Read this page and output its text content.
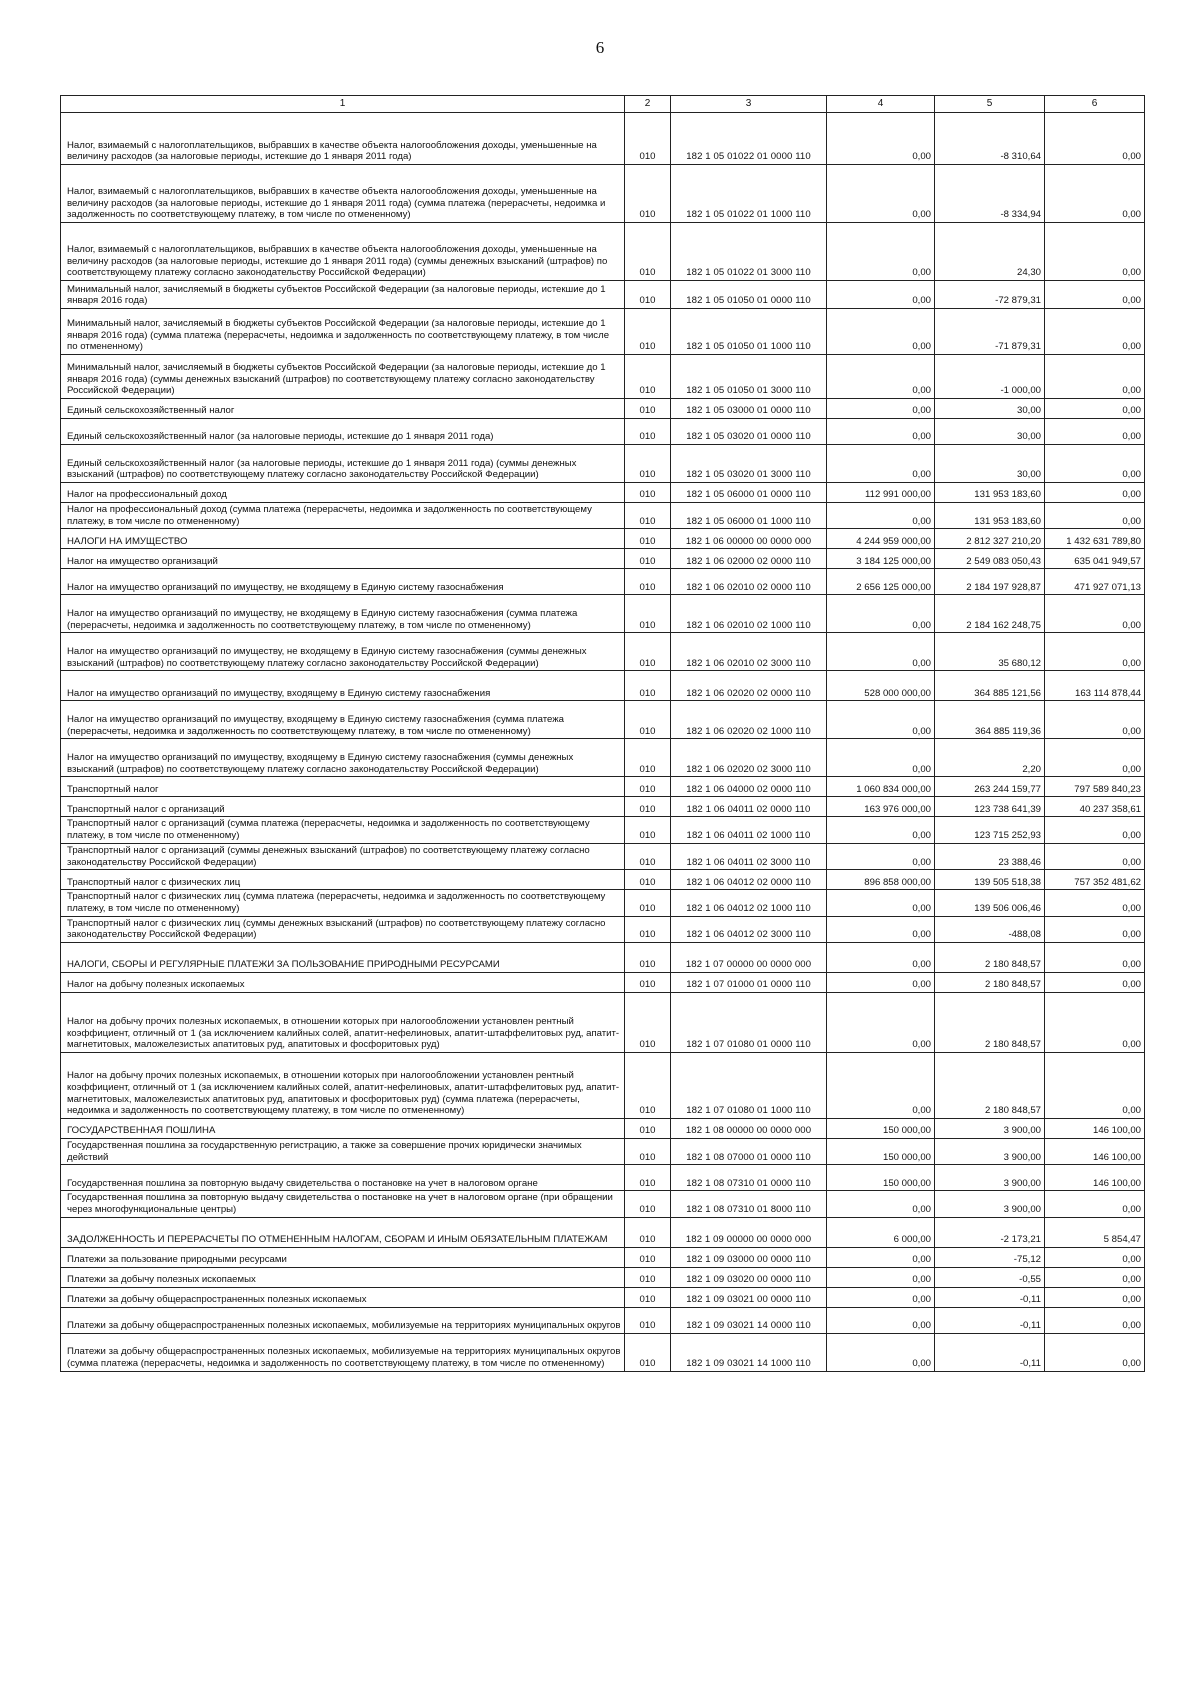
6
1	2	3	4	5	6
Налог, взимаемый с налогоплательщиков, выбравших в качестве объекта налогообложения доходы, уменьшенные на величину расходов (за налоговые периоды, истекшие до 1 января 2011 года)	010	182 1 05 01022 01 0000 110	0,00	-8 310,64	0,00
Налог, взимаемый с налогоплательщиков, выбравших в качестве объекта налогообложения доходы, уменьшенные на величину расходов (за налоговые периоды, истекшие до 1 января 2011 года) (сумма платежа (перерасчеты, недоимка и задолженность по соответствующему платежу, в том числе по отмененному)	010	182 1 05 01022 01 1000 110	0,00	-8 334,94	0,00
Налог, взимаемый с налогоплательщиков, выбравших в качестве объекта налогообложения доходы, уменьшенные на величину расходов (за налоговые периоды, истекшие до 1 января 2011 года) (суммы денежных взысканий (штрафов) по соответствующему платежу согласно законодательству Российской Федерации)	010	182 1 05 01022 01 3000 110	0,00	24,30	0,00
Минимальный налог, зачисляемый в бюджеты субъектов Российской Федерации (за налоговые периоды, истекшие до 1 января 2016 года)	010	182 1 05 01050 01 0000 110	0,00	-72 879,31	0,00
Минимальный налог, зачисляемый в бюджеты субъектов Российской Федерации (за налоговые периоды, истекшие до 1 января 2016 года) (сумма платежа (перерасчеты, недоимка и задолженность по соответствующему платежу, в том числе по отмененному)	010	182 1 05 01050 01 1000 110	0,00	-71 879,31	0,00
Минимальный налог, зачисляемый в бюджеты субъектов Российской Федерации (за налоговые периоды, истекшие до 1 января 2016 года) (суммы денежных взысканий (штрафов) по соответствующему платежу согласно законодательству Российской Федерации)	010	182 1 05 01050 01 3000 110	0,00	-1 000,00	0,00
Единый сельскохозяйственный налог	010	182 1 05 03000 01 0000 110	0,00	30,00	0,00
Единый сельскохозяйственный налог (за налоговые периоды, истекшие до 1 января 2011 года)	010	182 1 05 03020 01 0000 110	0,00	30,00	0,00
Единый сельскохозяйственный налог (за налоговые периоды, истекшие до 1 января 2011 года) (суммы денежных взысканий (штрафов) по соответствующему платежу согласно законодательству Российской Федерации)	010	182 1 05 03020 01 3000 110	0,00	30,00	0,00
Налог на профессиональный доход	010	182 1 05 06000 01 0000 110	112 991 000,00	131 953 183,60	0,00
Налог на профессиональный доход (сумма платежа (перерасчеты, недоимка и задолженность по соответствующему платежу, в том числе по отмененному)	010	182 1 05 06000 01 1000 110	0,00	131 953 183,60	0,00
НАЛОГИ НА ИМУЩЕСТВО	010	182 1 06 00000 00 0000 000	4 244 959 000,00	2 812 327 210,20	1 432 631 789,80
Налог на имущество организаций	010	182 1 06 02000 02 0000 110	3 184 125 000,00	2 549 083 050,43	635 041 949,57
Налог на имущество организаций по имуществу, не входящему в Единую систему газоснабжения	010	182 1 06 02010 02 0000 110	2 656 125 000,00	2 184 197 928,87	471 927 071,13
Налог на имущество организаций по имуществу, не входящему в Единую систему газоснабжения (сумма платежа (перерасчеты, недоимка и задолженность по соответствующему платежу, в том числе по отмененному)	010	182 1 06 02010 02 1000 110	0,00	2 184 162 248,75	0,00
Налог на имущество организаций по имуществу, не входящему в Единую систему газоснабжения (суммы денежных взысканий (штрафов) по соответствующему платежу согласно законодательству Российской Федерации)	010	182 1 06 02010 02 3000 110	0,00	35 680,12	0,00
Налог на имущество организаций по имуществу, входящему в Единую систему газоснабжения	010	182 1 06 02020 02 0000 110	528 000 000,00	364 885 121,56	163 114 878,44
Налог на имущество организаций по имуществу, входящему в Единую систему газоснабжения (сумма платежа (перерасчеты, недоимка и задолженность по соответствующему платежу, в том числе по отмененному)	010	182 1 06 02020 02 1000 110	0,00	364 885 119,36	0,00
Налог на имущество организаций по имуществу, входящему в Единую систему газоснабжения (суммы денежных взысканий (штрафов) по соответствующему платежу согласно законодательству Российской Федерации)	010	182 1 06 02020 02 3000 110	0,00	2,20	0,00
Транспортный налог	010	182 1 06 04000 02 0000 110	1 060 834 000,00	263 244 159,77	797 589 840,23
Транспортный налог с организаций	010	182 1 06 04011 02 0000 110	163 976 000,00	123 738 641,39	40 237 358,61
Транспортный налог с организаций (сумма платежа (перерасчеты, недоимка и задолженность по соответствующему платежу, в том числе по отмененному)	010	182 1 06 04011 02 1000 110	0,00	123 715 252,93	0,00
Транспортный налог с организаций (суммы денежных взысканий (штрафов) по соответствующему платежу согласно законодательству Российской Федерации)	010	182 1 06 04011 02 3000 110	0,00	23 388,46	0,00
Транспортный налог с физических лиц	010	182 1 06 04012 02 0000 110	896 858 000,00	139 505 518,38	757 352 481,62
Транспортный налог с физических лиц (сумма платежа (перерасчеты, недоимка и задолженность по соответствующему платежу, в том числе по отмененному)	010	182 1 06 04012 02 1000 110	0,00	139 506 006,46	0,00
Транспортный налог с физических лиц (суммы денежных взысканий (штрафов) по соответствующему платежу согласно законодательству Российской Федерации)	010	182 1 06 04012 02 3000 110	0,00	-488,08	0,00
НАЛОГИ, СБОРЫ И РЕГУЛЯРНЫЕ ПЛАТЕЖИ ЗА ПОЛЬЗОВАНИЕ ПРИРОДНЫМИ РЕСУРСАМИ	010	182 1 07 00000 00 0000 000	0,00	2 180 848,57	0,00
Налог на добычу полезных ископаемых	010	182 1 07 01000 01 0000 110	0,00	2 180 848,57	0,00
Налог на добычу прочих полезных ископаемых, в отношении которых при налогообложении установлен рентный коэффициент, отличный от 1 (за исключением калийных солей, апатит-нефелиновых, апатит-штаффелитовых руд, апатит-магнетитовых, маложелезистых апатитовых руд, апатитовых и фосфоритовых руд)	010	182 1 07 01080 01 0000 110	0,00	2 180 848,57	0,00
Налог на добычу прочих полезных ископаемых, в отношении которых при налогообложении установлен рентный коэффициент, отличный от 1 (за исключением калийных солей, апатит-нефелиновых, апатит-штаффелитовых руд, апатит-магнетитовых, маложелезистых апатитовых руд, апатитовых и фосфоритовых руд) (сумма платежа (перерасчеты, недоимка и задолженность по соответствующему платежу, в том числе по отмененному)	010	182 1 07 01080 01 1000 110	0,00	2 180 848,57	0,00
ГОСУДАРСТВЕННАЯ ПОШЛИНА	010	182 1 08 00000 00 0000 000	150 000,00	3 900,00	146 100,00
Государственная пошлина за государственную регистрацию, а также за совершение прочих юридически значимых действий	010	182 1 08 07000 01 0000 110	150 000,00	3 900,00	146 100,00
Государственная пошлина за повторную выдачу свидетельства о постановке на учет в налоговом органе	010	182 1 08 07310 01 0000 110	150 000,00	3 900,00	146 100,00
Государственная пошлина за повторную выдачу свидетельства о постановке на учет в налоговом органе (при обращении через многофункциональные центры)	010	182 1 08 07310 01 8000 110	0,00	3 900,00	0,00
ЗАДОЛЖЕННОСТЬ И ПЕРЕРАСЧЕТЫ ПО ОТМЕНЕННЫМ НАЛОГАМ, СБОРАМ И ИНЫМ ОБЯЗАТЕЛЬНЫМ ПЛАТЕЖАМ	010	182 1 09 00000 00 0000 000	6 000,00	-2 173,21	5 854,47
Платежи за пользование природными ресурсами	010	182 1 09 03000 00 0000 110	0,00	-75,12	0,00
Платежи за добычу полезных ископаемых	010	182 1 09 03020 00 0000 110	0,00	-0,55	0,00
Платежи за добычу общераспространенных полезных ископаемых	010	182 1 09 03021 00 0000 110	0,00	-0,11	0,00
Платежи за добычу общераспространенных полезных ископаемых, мобилизуемые на территориях муниципальных округов	010	182 1 09 03021 14 0000 110	0,00	-0,11	0,00
Платежи за добычу общераспространенных полезных ископаемых, мобилизуемые на территориях муниципальных округов (сумма платежа (перерасчеты, недоимка и задолженность по соответствующему платежу, в том числе по отмененному)	010	182 1 09 03021 14 1000 110	0,00	-0,11	0,00
